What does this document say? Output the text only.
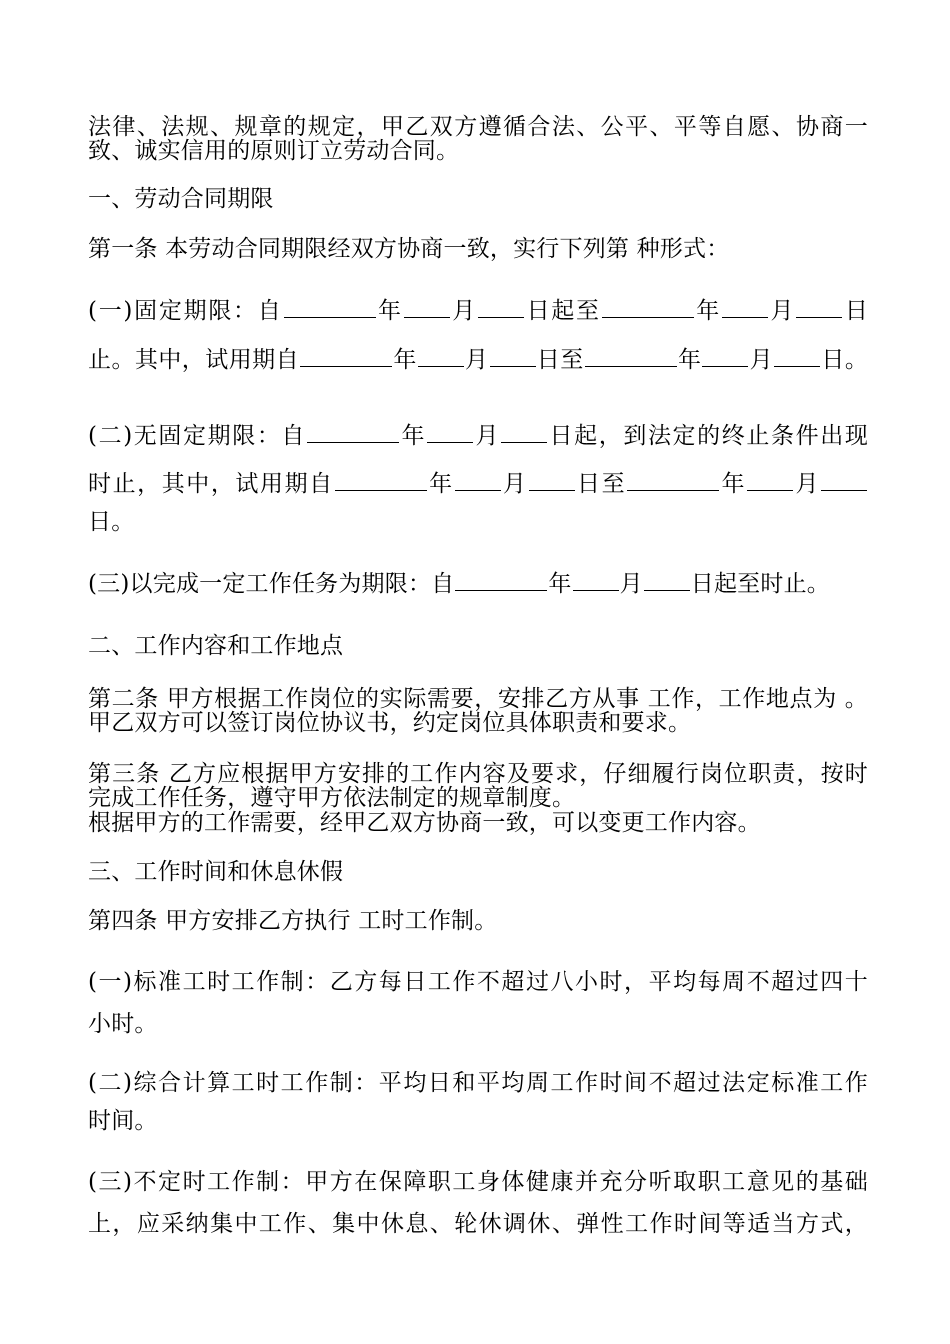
法律、法规、规章的规定，甲乙双方遵循合法、公平、平等自愿、协商一
致、诚实信用的原则订立劳动合同。
一、劳动合同期限
第一条 本劳动合同期限经双方协商一致，实行下列第 种形式：
(一)固定期限：自	年 月 日起至	年 月 日
止。其中，试用期自	年 月 日至	年 月 日。
(二)无固定期限：自	年 月 日起，到法定的终止条件出现
时止，其中，试用期自	年 月 日至	年 月
日。
(三)以完成一定工作任务为期限：自	年 月 日起至时止。
二、工作内容和工作地点
第二条 甲方根据工作岗位的实际需要，安排乙方从事 工作，工作地点为 。
甲乙双方可以签订岗位协议书，约定岗位具体职责和要求。
第三条 乙方应根据甲方安排的工作内容及要求，仔细履行岗位职责，按时
完成工作任务，遵守甲方依法制定的规章制度。
根据甲方的工作需要，经甲乙双方协商一致，可以变更工作内容。
三、工作时间和休息休假
第四条 甲方安排乙方执行 工时工作制。
(一)标准工时工作制：乙方每日工作不超过八小时，平均每周不超过四十
小时。
(二)综合计算工时工作制：平均日和平均周工作时间不超过法定标准工作
时间。
(三)不定时工作制：甲方在保障职工身体健康并充分听取职工意见的基础
上，应采纳集中工作、集中休息、轮休调休、弹性工作时间等适当方式，
